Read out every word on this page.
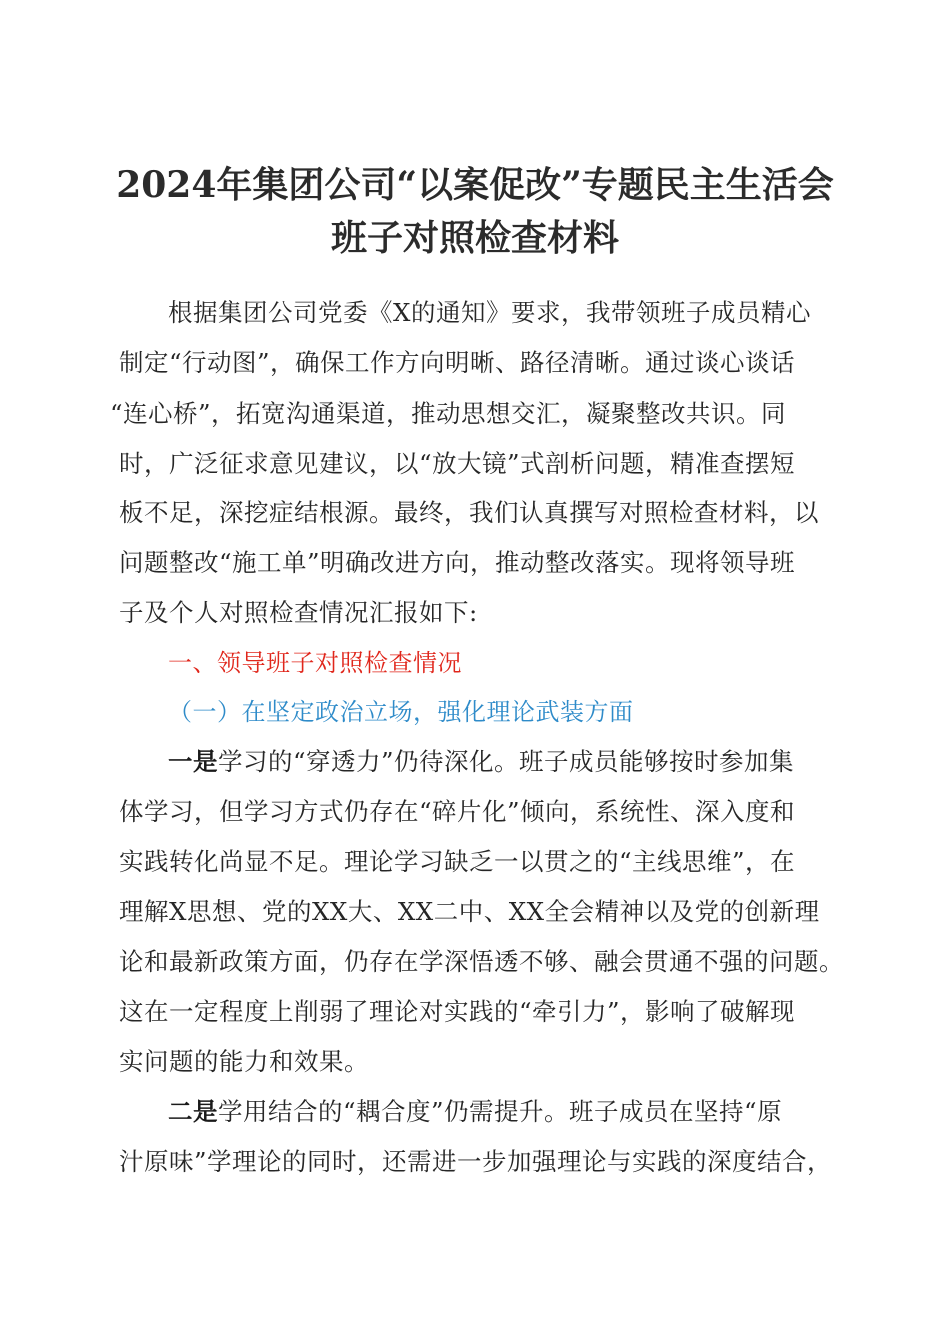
2024年集团公司“以案促改”专题民主生活会
班子对照检查材料
根据集团公司党委《X的通知》要求，我带领班子成员精心
制定“行动图”，确保工作方向明晰、路径清晰。通过谈心谈话
“连心桥”，拓宽沟通渠道，推动思想交汇，凝聚整改共识。同
时，广泛征求意见建议，以“放大镜”式剖析问题，精准查摆短
板不足，深挖症结根源。最终，我们认真撰写对照检查材料，以
问题整改“施工单”明确改进方向，推动整改落实。现将领导班
子及个人对照检查情况汇报如下:
一、领导班子对照检查情况
（一）在坚定政治立场，强化理论武装方面
一是学习的“穿透力”仍待深化。班子成员能够按时参加集
体学习，但学习方式仍存在“碎片化”倾向，系统性、深入度和
实践转化尚显不足。理论学习缺乏一以贯之的“主线思维”，在
理解X思想、党的XX大、XX二中、XX全会精神以及党的创新理
论和最新政策方面，仍存在学深悟透不够、融会贯通不强的问题。
这在一定程度上削弱了理论对实践的“牵引力”，影响了破解现
实问题的能力和效果。
二是学用结合的“耦合度”仍需提升。班子成员在坚持“原
汁原味”学理论的同时，还需进一步加强理论与实践的深度结合，
